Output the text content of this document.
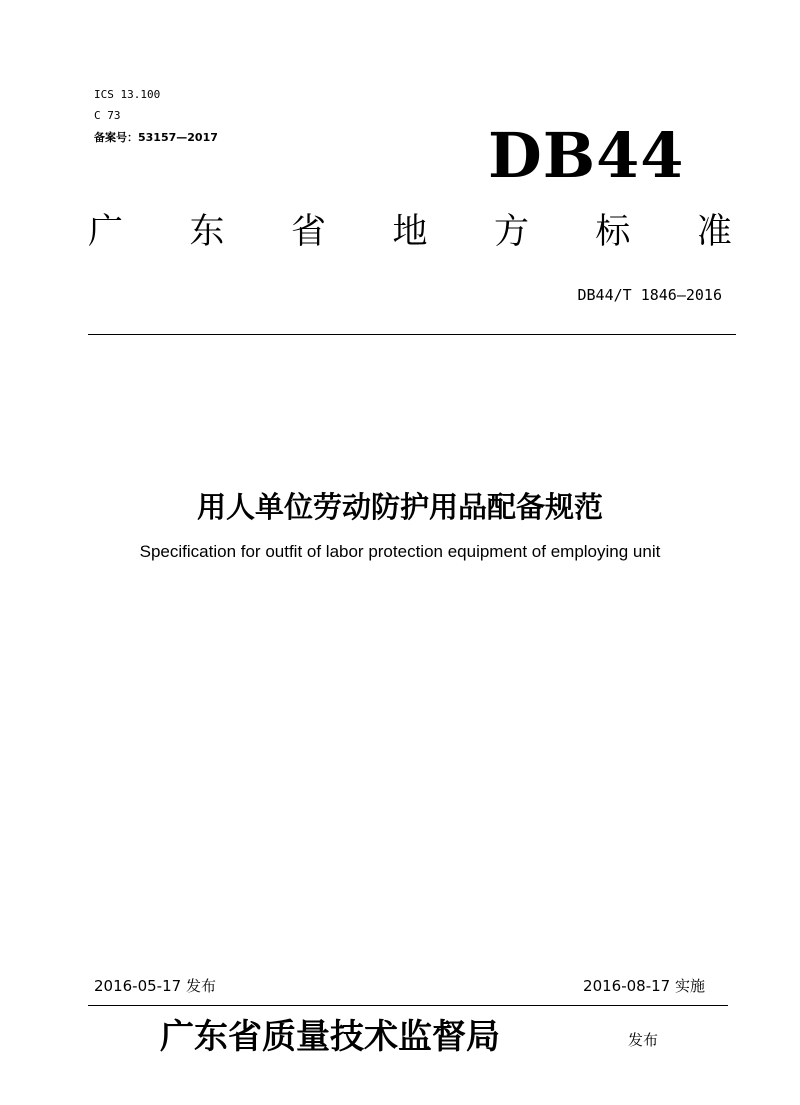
ICS 13.100
C 73
备案号：53157—2017	DB44
广 东 省 地 方 标 准
DB44/T 1846—2016
用人单位劳动防护用品配备规范
Specification for outfit of labor protection equipment of employing unit
2016-05-17 发布	2016-08-17 实施
广东省质量技术监督局	发布
